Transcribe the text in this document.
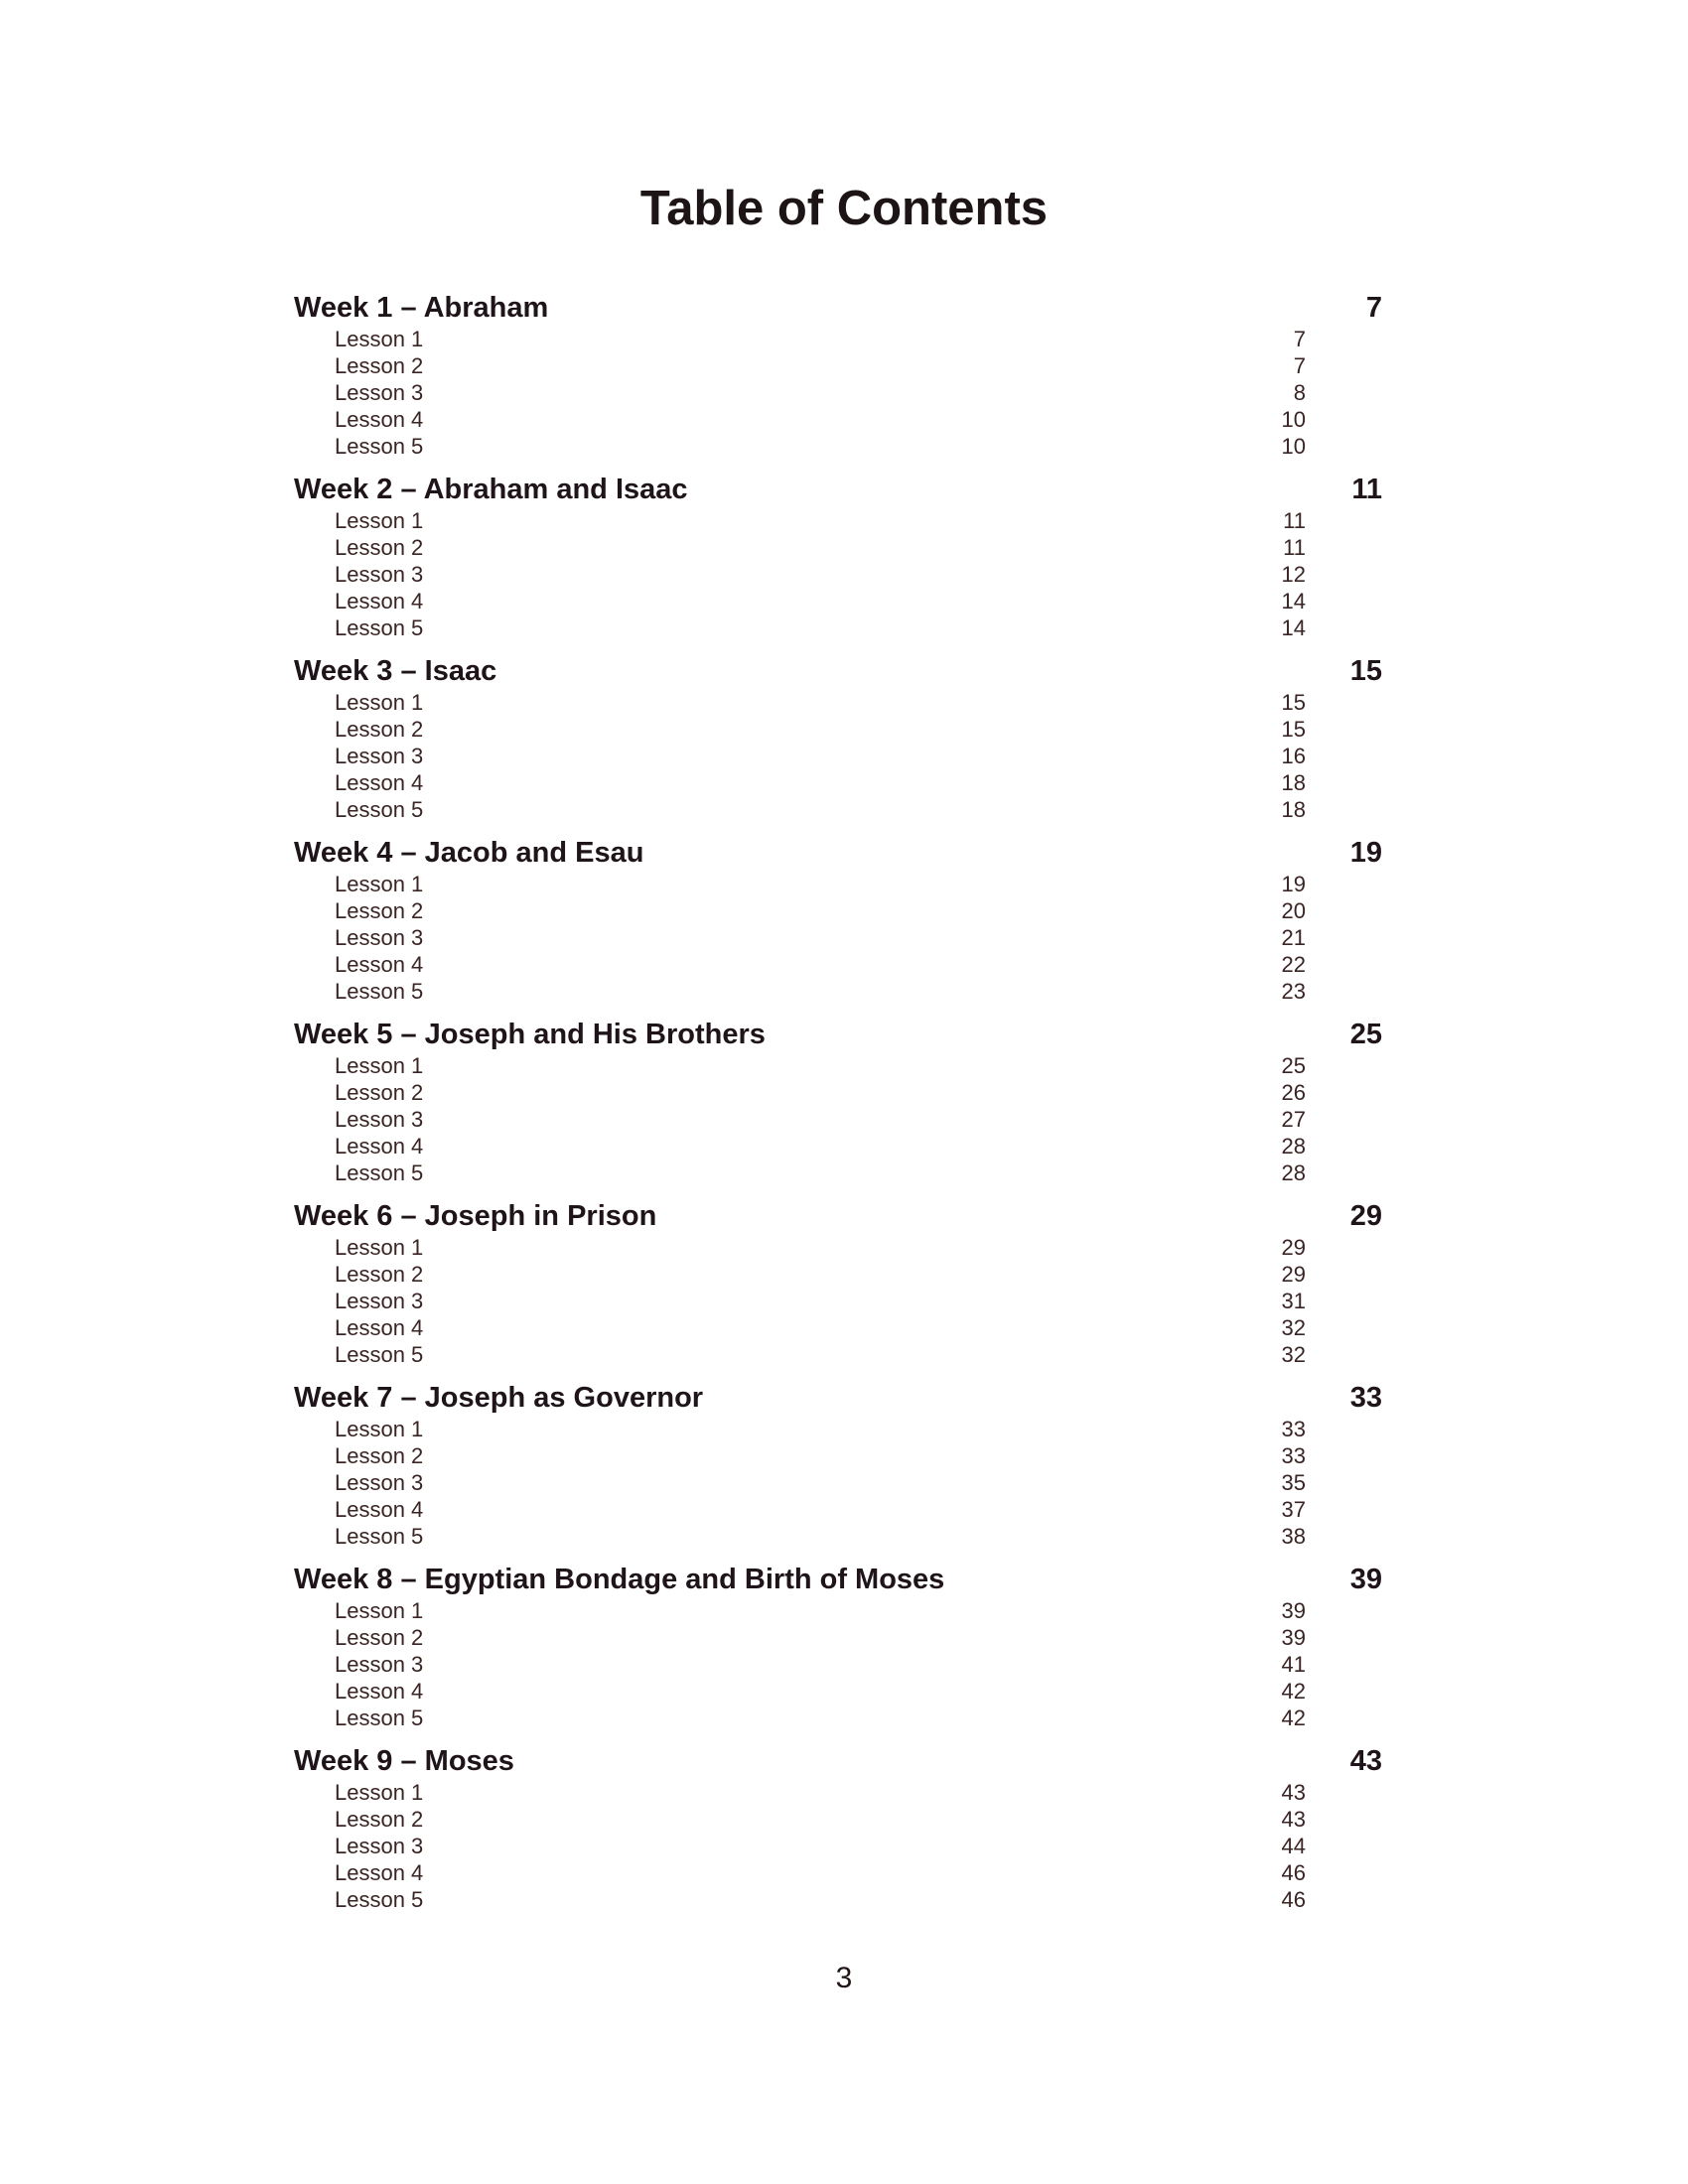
Table of Contents
Week 1 – Abraham	7
Lesson 1	7
Lesson 2	7
Lesson 3	8
Lesson 4	10
Lesson 5	10
Week 2 – Abraham and Isaac	11
Lesson 1	11
Lesson 2	11
Lesson 3	12
Lesson 4	14
Lesson 5	14
Week 3 – Isaac	15
Lesson 1	15
Lesson 2	15
Lesson 3	16
Lesson 4	18
Lesson 5	18
Week 4 – Jacob and Esau	19
Lesson 1	19
Lesson 2	20
Lesson 3	21
Lesson 4	22
Lesson 5	23
Week 5 – Joseph and His Brothers	25
Lesson 1	25
Lesson 2	26
Lesson 3	27
Lesson 4	28
Lesson 5	28
Week 6 – Joseph in Prison	29
Lesson 1	29
Lesson 2	29
Lesson 3	31
Lesson 4	32
Lesson 5	32
Week 7 – Joseph as Governor	33
Lesson 1	33
Lesson 2	33
Lesson 3	35
Lesson 4	37
Lesson 5	38
Week 8 – Egyptian Bondage and Birth of Moses	39
Lesson 1	39
Lesson 2	39
Lesson 3	41
Lesson 4	42
Lesson 5	42
Week 9 – Moses	43
Lesson 1	43
Lesson 2	43
Lesson 3	44
Lesson 4	46
Lesson 5	46
3
